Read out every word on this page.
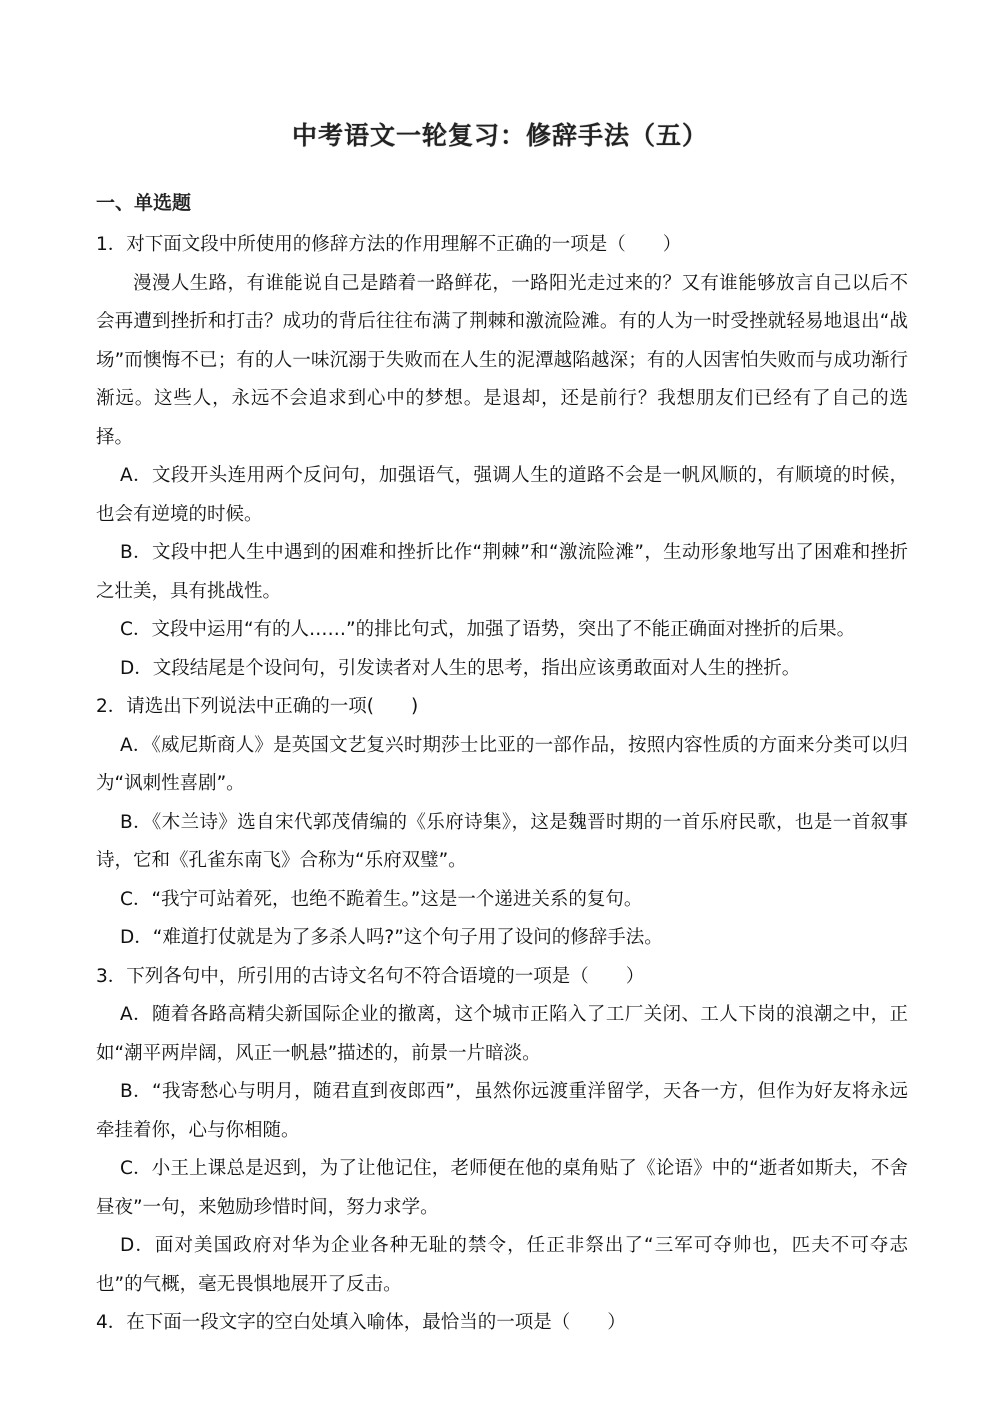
中考语文一轮复习：修辞手法（五）
一、单选题

1．对下面文段中所使用的修辞方法的作用理解不正确的一项是（　　）

漫漫人生路，有谁能说自己是踏着一路鲜花，一路阳光走过来的？又有谁能够放言自己以后不会再遭到挫折和打击？成功的背后往往布满了荆棘和激流险滩。有的人为一时受挫就轻易地退出“战场”而懊悔不已；有的人一味沉溺于失败而在人生的泥潭越陷越深；有的人因害怕失败而与成功渐行渐远。这些人，永远不会追求到心中的梦想。是退却，还是前行？我想朋友们已经有了自己的选择。

A．文段开头连用两个反问句，加强语气，强调人生的道路不会是一帆风顺的，有顺境的时候，也会有逆境的时候。

B．文段中把人生中遇到的困难和挫折比作“荆棘”和“激流险滩”，生动形象地写出了困难和挫折之壮美，具有挑战性。

C．文段中运用“有的人……”的排比句式，加强了语势，突出了不能正确面对挫折的后果。

D．文段结尾是个设问句，引发读者对人生的思考，指出应该勇敢面对人生的挫折。

2．请选出下列说法中正确的一项(　　)

A．《威尼斯商人》是英国文艺复兴时期莎士比亚的一部作品，按照内容性质的方面来分类可以归为“讽刺性喜剧”。

B．《木兰诗》选自宋代郭茂倩编的《乐府诗集》，这是魏晋时期的一首乐府民歌，也是一首叙事诗，它和《孔雀东南飞》合称为“乐府双璧”。

C．“我宁可站着死，也绝不跪着生。”这是一个递进关系的复句。

D．“难道打仗就是为了多杀人吗?”这个句子用了设问的修辞手法。

3．下列各句中，所引用的古诗文名句不符合语境的一项是（　　）

A．随着各路高精尖新国际企业的撤离，这个城市正陷入了工厂关闭、工人下岗的浪潮之中，正如“潮平两岸阔，风正一帆悬”描述的，前景一片暗淡。

B．“我寄愁心与明月，随君直到夜郎西”，虽然你远渡重洋留学，天各一方，但作为好友将永远牵挂着你，心与你相随。

C．小王上课总是迟到，为了让他记住，老师便在他的桌角贴了《论语》中的“逝者如斯夫，不舍昼夜”一句，来勉励珍惜时间，努力求学。

D．面对美国政府对华为企业各种无耻的禁令，任正非祭出了“三军可夺帅也，匹夫不可夺志也”的气概，毫无畏惧地展开了反击。

4．在下面一段文字的空白处填入喻体，最恰当的一项是（　　）
